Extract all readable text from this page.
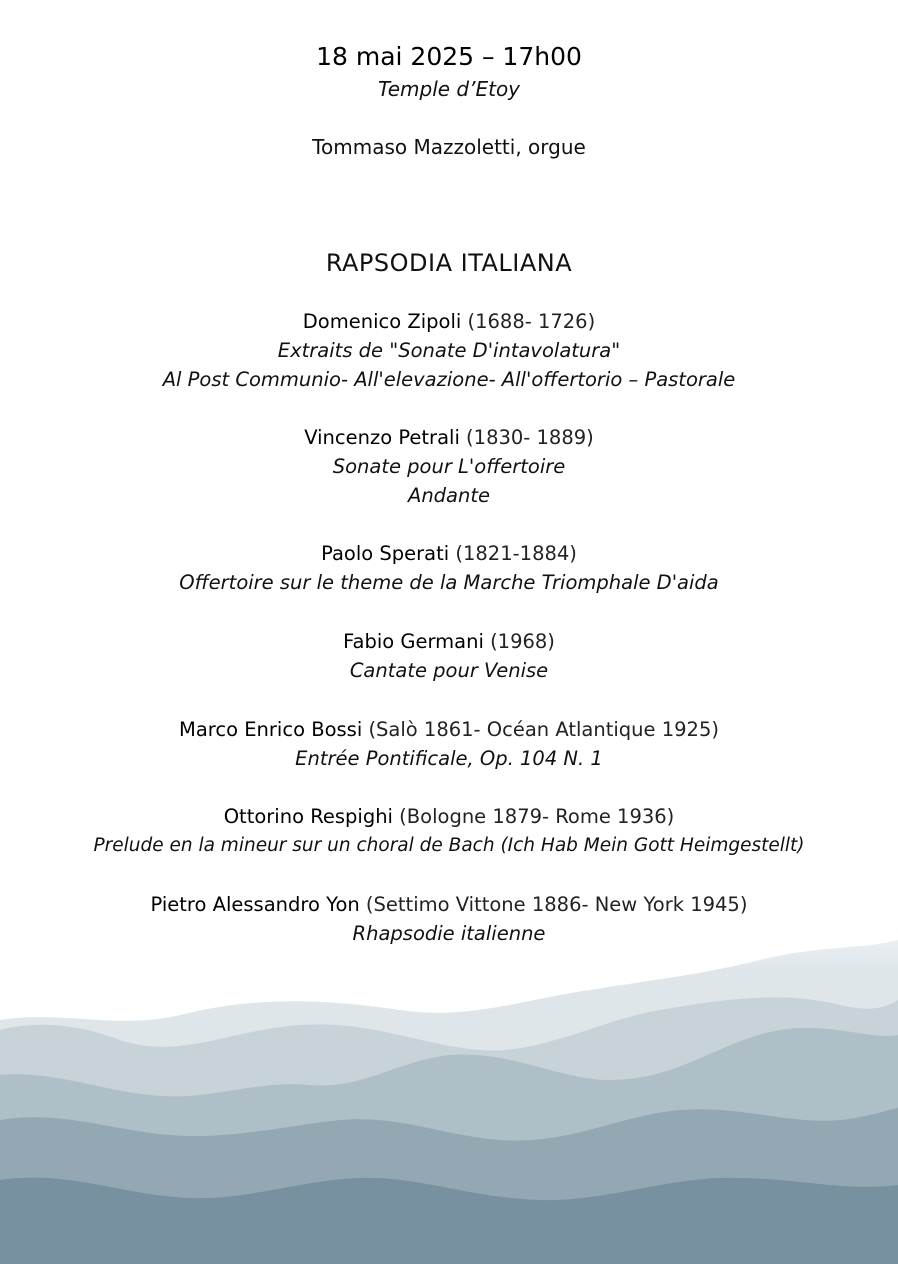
18 mai 2025 – 17h00
Temple d’Etoy
Tommaso Mazzoletti, orgue
RAPSODIA ITALIANA
Domenico Zipoli (1688- 1726)
Extraits de "Sonate D'intavolatura"
Al Post Communio- All'elevazione- All'offertorio – Pastorale
Vincenzo Petrali (1830- 1889)
Sonate pour L'offertoire
Andante
Paolo Sperati (1821-1884)
Offertoire sur le theme de la Marche Triomphale D'aida
Fabio Germani (1968)
Cantate pour Venise
Marco Enrico Bossi (Salò 1861- Océan Atlantique 1925)
Entrée Pontificale, Op. 104 N. 1
Ottorino Respighi (Bologne 1879- Rome 1936)
Prelude en la mineur sur un choral de Bach (Ich Hab Mein Gott Heimgestellt)
Pietro Alessandro Yon (Settimo Vittone 1886- New York 1945)
Rhapsodie italienne
